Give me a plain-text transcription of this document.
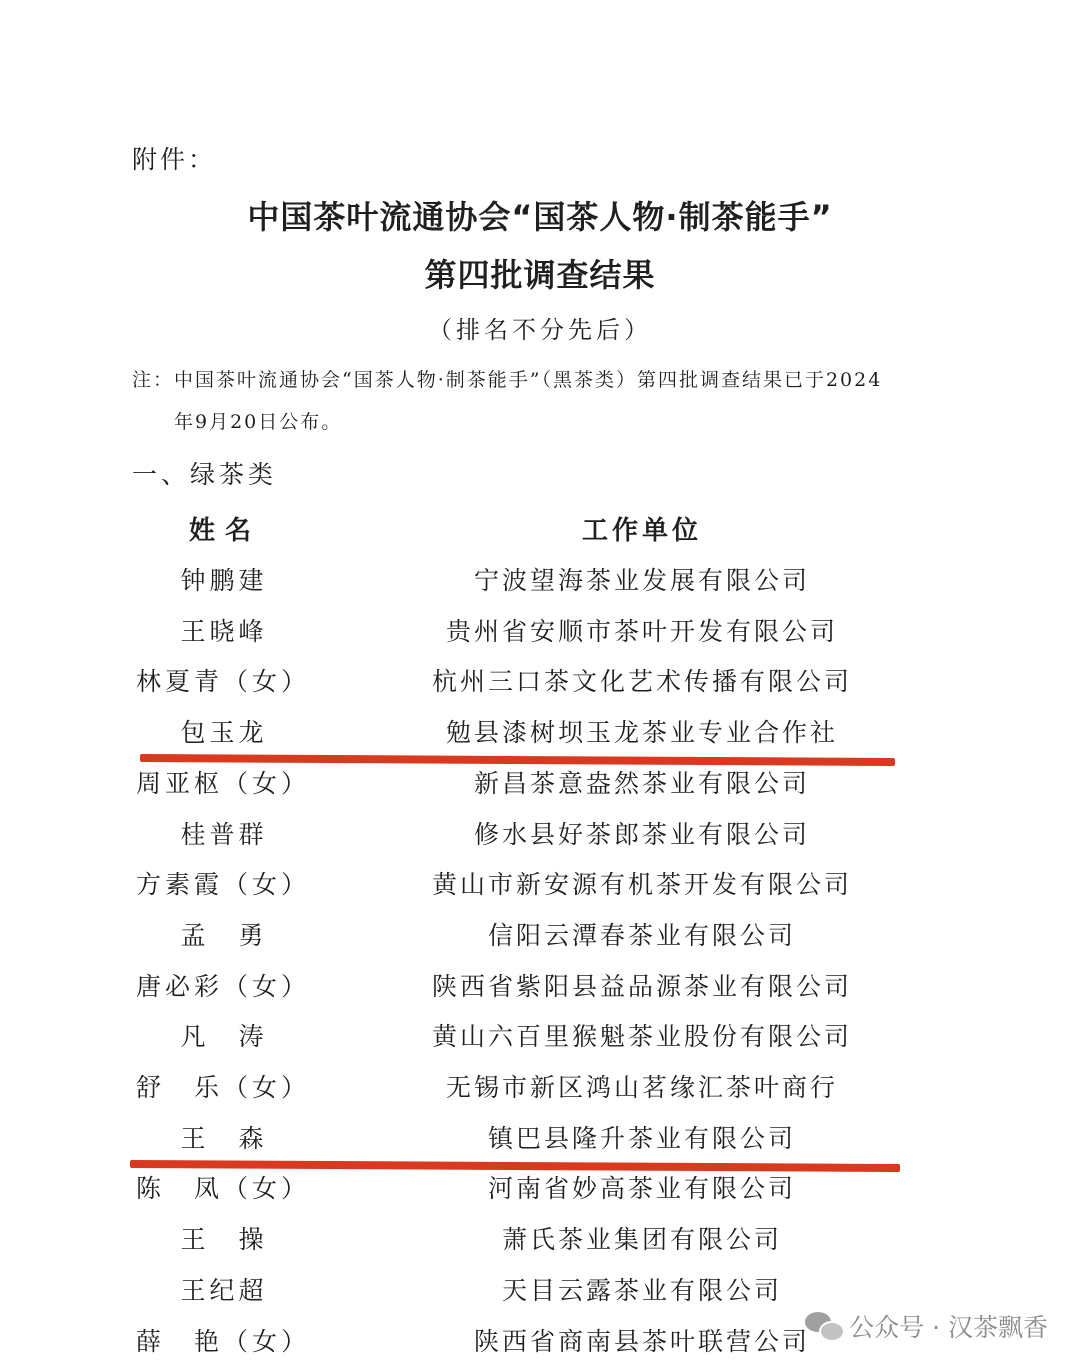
附件：
中国茶叶流通协会“国茶人物·制茶能手”
第四批调查结果
（排名不分先后）
注：中国茶叶流通协会“国茶人物·制茶能手”（黑茶类）第四批调查结果已于2024
年9月20日公布。
一、绿茶类
姓名	工作单位
钟鹏建	宁波望海茶业发展有限公司
王晓峰	贵州省安顺市茶叶开发有限公司
林夏青（女）	杭州三口茶文化艺术传播有限公司
包玉龙	勉县漆树坝玉龙茶业专业合作社
周亚枢（女）	新昌茶意盎然茶业有限公司
桂普群	修水县好茶郎茶业有限公司
方素霞（女）	黄山市新安源有机茶开发有限公司
孟　勇	信阳云潭春茶业有限公司
唐必彩（女）	陕西省紫阳县益品源茶业有限公司
凡　涛	黄山六百里猴魁茶业股份有限公司
舒　乐（女）	无锡市新区鸿山茗缘汇茶叶商行
王　森	镇巴县隆升茶业有限公司
陈　凤（女）	河南省妙高茶业有限公司
王　操	萧氏茶业集团有限公司
王纪超	天目云露茶业有限公司
薛　艳（女）	陕西省商南县茶叶联营公司	公众号 · 汉茶飘香
